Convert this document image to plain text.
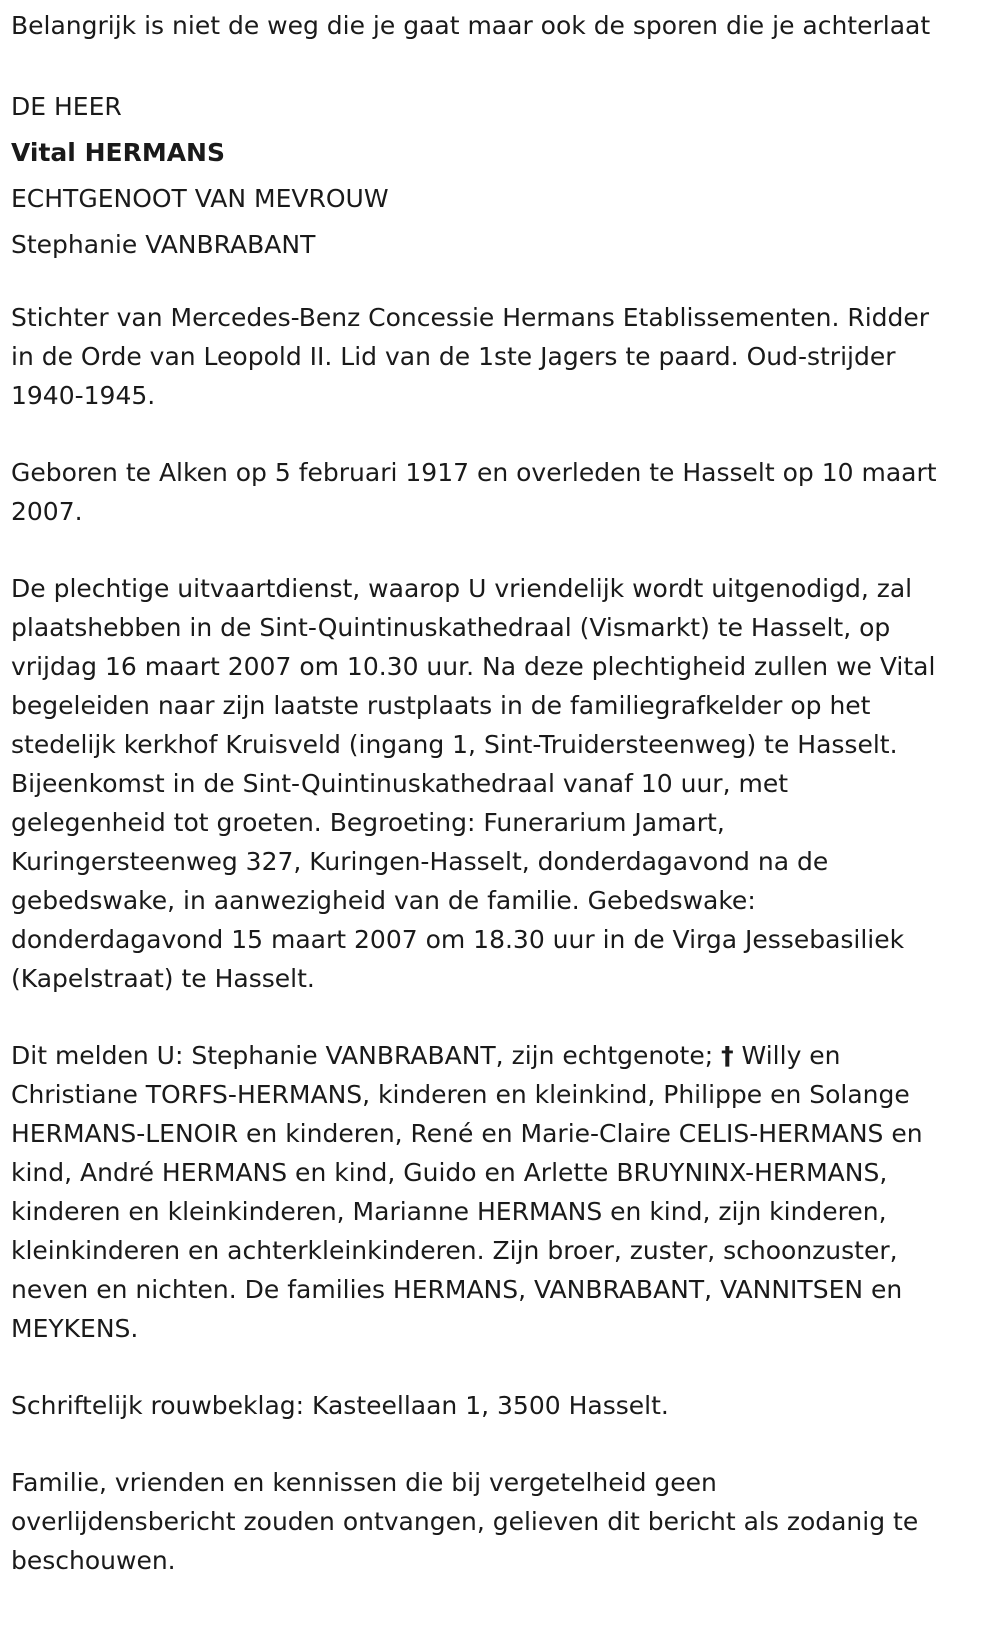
Belangrijk is niet de weg die je gaat maar ook de sporen die je achterlaat

DE HEER

Vital HERMANS

ECHTGENOOT VAN MEVROUW

Stephanie VANBRABANT

Stichter van Mercedes-Benz Concessie Hermans Etablissementen. Ridder
in de Orde van Leopold II. Lid van de 1ste Jagers te paard. Oud-strijder
1940-1945.
Geboren te Alken op 5 februari 1917 en overleden te Hasselt op 10 maart
2007.
De plechtige uitvaartdienst, waarop U vriendelijk wordt uitgenodigd, zal
plaatshebben in de Sint-Quintinuskathedraal (Vismarkt) te Hasselt, op
vrijdag 16 maart 2007 om 10.30 uur. Na deze plechtigheid zullen we Vital
begeleiden naar zijn laatste rustplaats in de familiegrafkelder op het
stedelijk kerkhof Kruisveld (ingang 1, Sint-Truidersteenweg) te Hasselt.
Bijeenkomst in de Sint-Quintinuskathedraal vanaf 10 uur, met
gelegenheid tot groeten. Begroeting: Funerarium Jamart,
Kuringersteenweg 327, Kuringen-Hasselt, donderdagavond na de
gebedswake, in aanwezigheid van de familie. Gebedswake:
donderdagavond 15 maart 2007 om 18.30 uur in de Virga Jessebasiliek
(Kapelstraat) te Hasselt.
Dit melden U: Stephanie VANBRABANT, zijn echtgenote; † Willy en
Christiane TORFS-HERMANS, kinderen en kleinkind, Philippe en Solange
HERMANS-LENOIR en kinderen, René en Marie-Claire CELIS-HERMANS en
kind, André HERMANS en kind, Guido en Arlette BRUYNINX-HERMANS,
kinderen en kleinkinderen, Marianne HERMANS en kind, zijn kinderen,
kleinkinderen en achterkleinkinderen. Zijn broer, zuster, schoonzuster,
neven en nichten. De families HERMANS, VANBRABANT, VANNITSEN en
MEYKENS.
Schriftelijk rouwbeklag: Kasteellaan 1, 3500 Hasselt.
Familie, vrienden en kennissen die bij vergetelheid geen
overlijdensbericht zouden ontvangen, gelieven dit bericht als zodanig te
beschouwen.
